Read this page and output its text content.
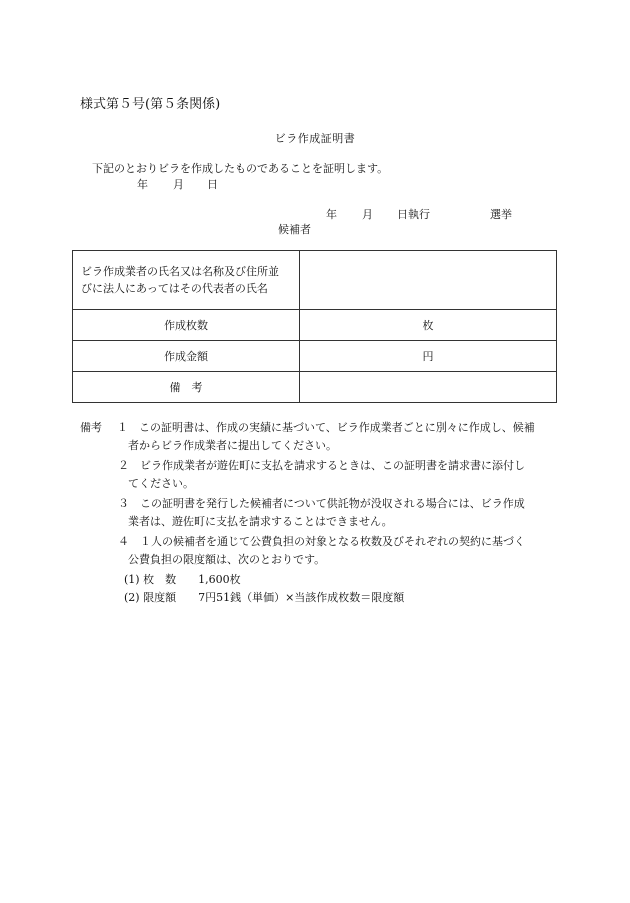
様式第５号(第５条関係)
ビラ作成証明書
下記のとおりビラを作成したものであることを証明します。
年 月 日
年 月 日執行	選挙
候補者
ビラ作成業者の氏名又は名称及び住所並
びに法人にあってはその代表者の氏名	

作成枚数	枚
作成金額	円
備　考	
備考 １　この証明書は、作成の実績に基づいて、ビラ作成業者ごとに別々に作成し、候補
者からビラ作成業者に提出してください。
２　ビラ作成業者が遊佐町に支払を請求するときは、この証明書を請求書に添付し
てください。
３　この証明書を発行した候補者について供託物が没収される場合には、ビラ作成
業者は、遊佐町に支払を請求することはできません。
４　１人の候補者を通じて公費負担の対象となる枚数及びそれぞれの契約に基づく
公費負担の限度額は、次のとおりです。
(1) 枚　数　　1,600枚
(2) 限度額　　7円51銭（単価）×当該作成枚数＝限度額
